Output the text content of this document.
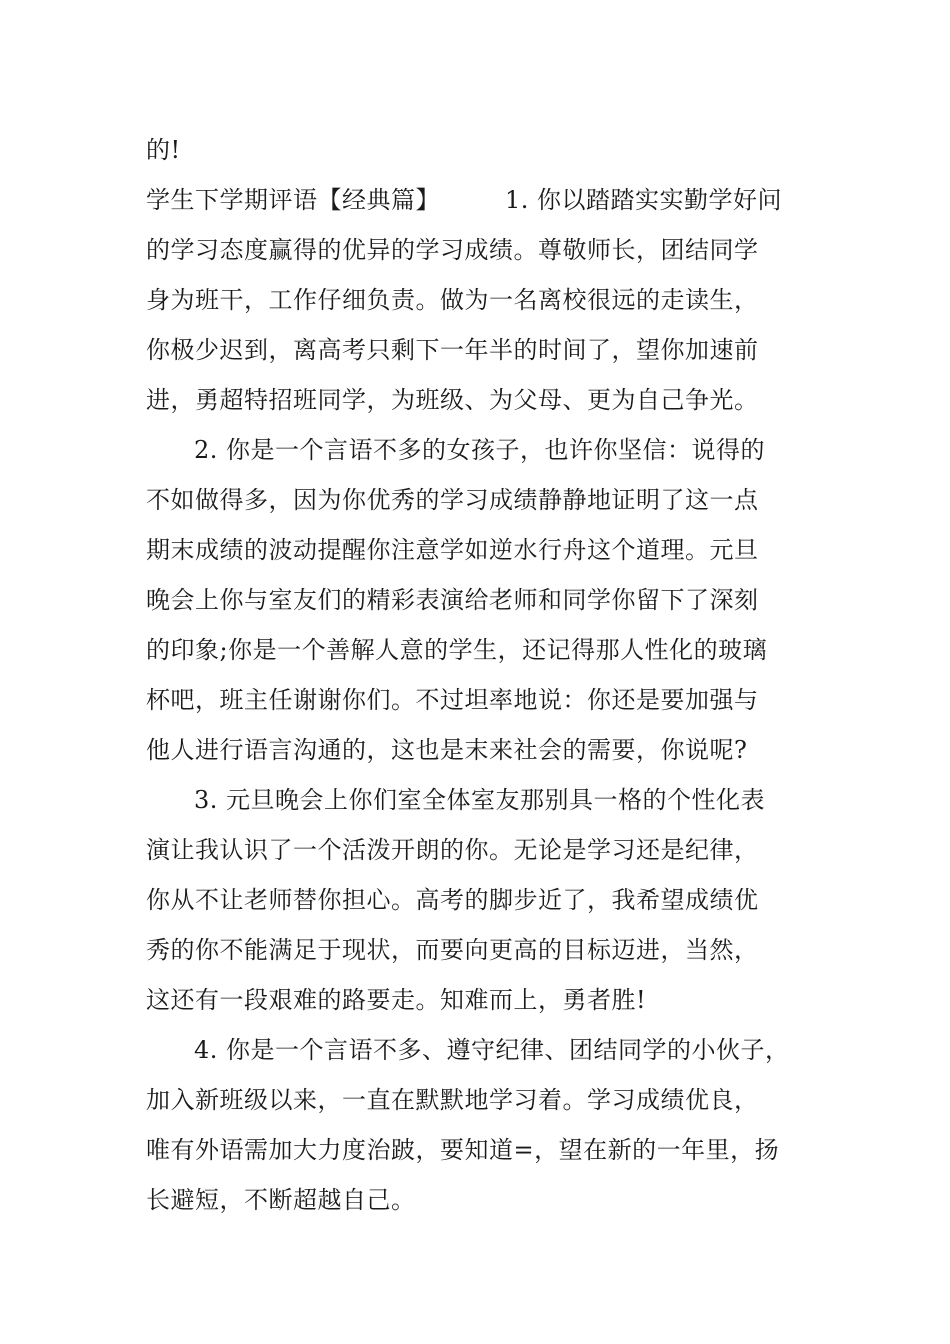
的!
学生下学期评语【经典篇】        1. 你以踏踏实实勤学好问
的学习态度赢得的优异的学习成绩。尊敬师长，团结同学
身为班干，工作仔细负责。做为一名离校很远的走读生，
你极少迟到，离高考只剩下一年半的时间了，望你加速前
进，勇超特招班同学，为班级、为父母、更为自己争光。
2. 你是一个言语不多的女孩子，也许你坚信：说得的
不如做得多，因为你优秀的学习成绩静静地证明了这一点
期末成绩的波动提醒你注意学如逆水行舟这个道理。元旦
晚会上你与室友们的精彩表演给老师和同学你留下了深刻
的印象;你是一个善解人意的学生，还记得那人性化的玻璃
杯吧，班主任谢谢你们。不过坦率地说：你还是要加强与
他人进行语言沟通的，这也是末来社会的需要，你说呢?
3. 元旦晚会上你们室全体室友那别具一格的个性化表
演让我认识了一个活泼开朗的你。无论是学习还是纪律，
你从不让老师替你担心。高考的脚步近了，我希望成绩优
秀的你不能满足于现状，而要向更高的目标迈进，当然，
这还有一段艰难的路要走。知难而上，勇者胜!
4. 你是一个言语不多、遵守纪律、团结同学的小伙子，
加入新班级以来，一直在默默地学习着。学习成绩优良，
唯有外语需加大力度治跛，要知道=，望在新的一年里，扬
长避短，不断超越自己。
